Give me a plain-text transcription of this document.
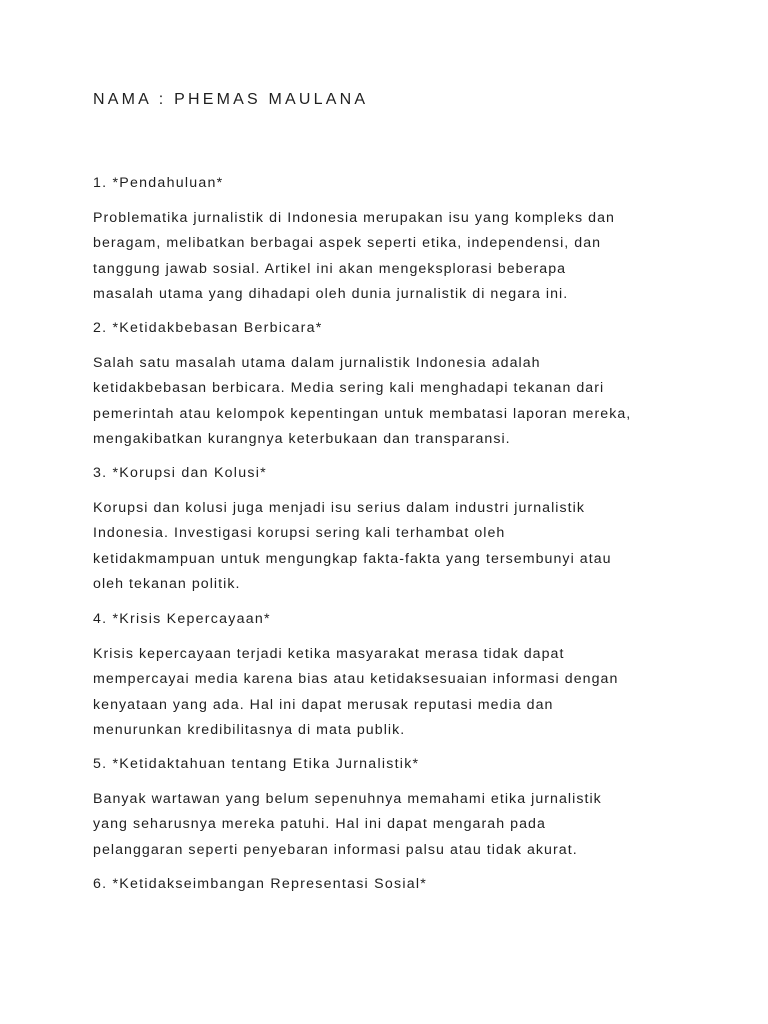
NAMA : PHEMAS MAULANA
1. *Pendahuluan*
Problematika jurnalistik di Indonesia merupakan isu yang kompleks dan
beragam, melibatkan berbagai aspek seperti etika, independensi, dan
tanggung jawab sosial. Artikel ini akan mengeksplorasi beberapa
masalah utama yang dihadapi oleh dunia jurnalistik di negara ini.
2. *Ketidakbebasan Berbicara*
Salah satu masalah utama dalam jurnalistik Indonesia adalah
ketidakbebasan berbicara. Media sering kali menghadapi tekanan dari
pemerintah atau kelompok kepentingan untuk membatasi laporan mereka,
mengakibatkan kurangnya keterbukaan dan transparansi.
3. *Korupsi dan Kolusi*
Korupsi dan kolusi juga menjadi isu serius dalam industri jurnalistik
Indonesia. Investigasi korupsi sering kali terhambat oleh
ketidakmampuan untuk mengungkap fakta-fakta yang tersembunyi atau
oleh tekanan politik.
4. *Krisis Kepercayaan*
Krisis kepercayaan terjadi ketika masyarakat merasa tidak dapat
mempercayai media karena bias atau ketidaksesuaian informasi dengan
kenyataan yang ada. Hal ini dapat merusak reputasi media dan
menurunkan kredibilitasnya di mata publik.
5. *Ketidaktahuan tentang Etika Jurnalistik*
Banyak wartawan yang belum sepenuhnya memahami etika jurnalistik
yang seharusnya mereka patuhi. Hal ini dapat mengarah pada
pelanggaran seperti penyebaran informasi palsu atau tidak akurat.
6. *Ketidakseimbangan Representasi Sosial*
